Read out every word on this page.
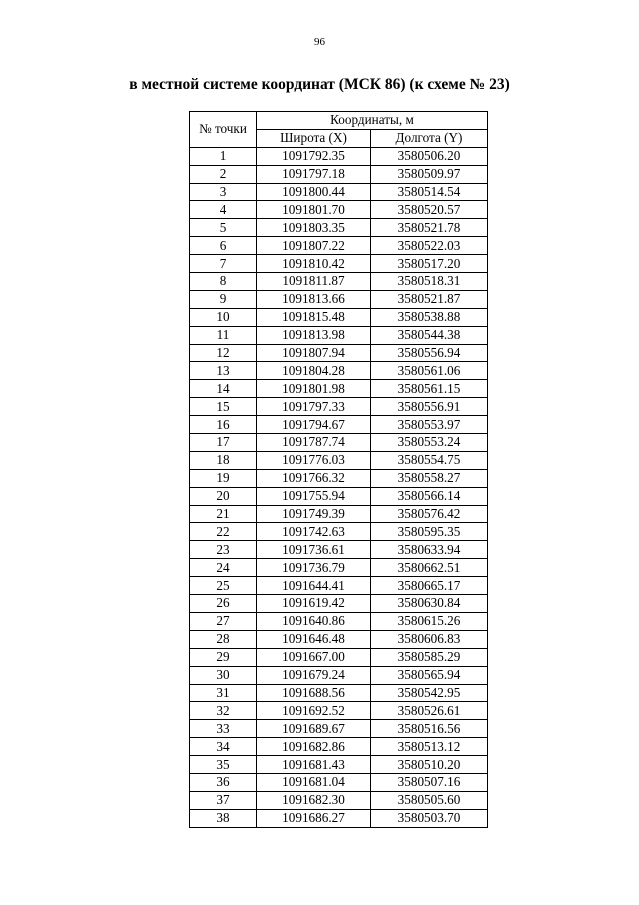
96
в местной системе координат (МСК 86) (к схеме № 23)
№ точки	Координаты, м	
	Широта (X)	Долгота (Y)
1	1091792.35	3580506.20
2	1091797.18	3580509.97
3	1091800.44	3580514.54
4	1091801.70	3580520.57
5	1091803.35	3580521.78
6	1091807.22	3580522.03
7	1091810.42	3580517.20
8	1091811.87	3580518.31
9	1091813.66	3580521.87
10	1091815.48	3580538.88
11	1091813.98	3580544.38
12	1091807.94	3580556.94
13	1091804.28	3580561.06
14	1091801.98	3580561.15
15	1091797.33	3580556.91
16	1091794.67	3580553.97
17	1091787.74	3580553.24
18	1091776.03	3580554.75
19	1091766.32	3580558.27
20	1091755.94	3580566.14
21	1091749.39	3580576.42
22	1091742.63	3580595.35
23	1091736.61	3580633.94
24	1091736.79	3580662.51
25	1091644.41	3580665.17
26	1091619.42	3580630.84
27	1091640.86	3580615.26
28	1091646.48	3580606.83
29	1091667.00	3580585.29
30	1091679.24	3580565.94
31	1091688.56	3580542.95
32	1091692.52	3580526.61
33	1091689.67	3580516.56
34	1091682.86	3580513.12
35	1091681.43	3580510.20
36	1091681.04	3580507.16
37	1091682.30	3580505.60
38	1091686.27	3580503.70
